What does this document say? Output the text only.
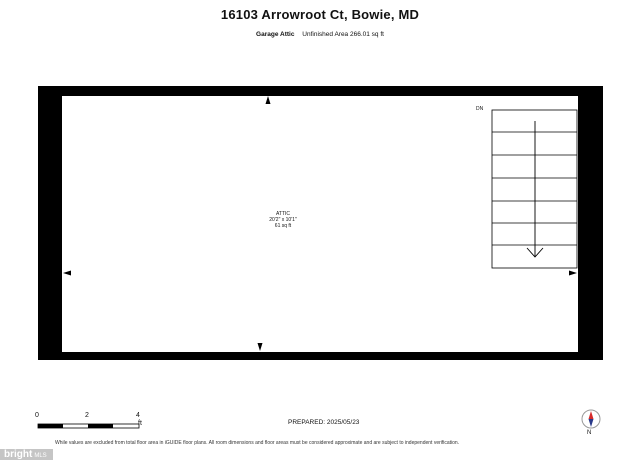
16103 Arrowroot Ct, Bowie, MD
Garage Attic Unfinished Area 266.01 sq ft
ATTIC
20'2" x 10'1"
61 sq ft
DN
0	2	4
ft	PREPARED: 2025/05/23
N
While values are excluded from total floor area in iGUIDE floor plans. All room dimensions and floor areas must be considered approximate and are subject to independent verification.
bright MLS
